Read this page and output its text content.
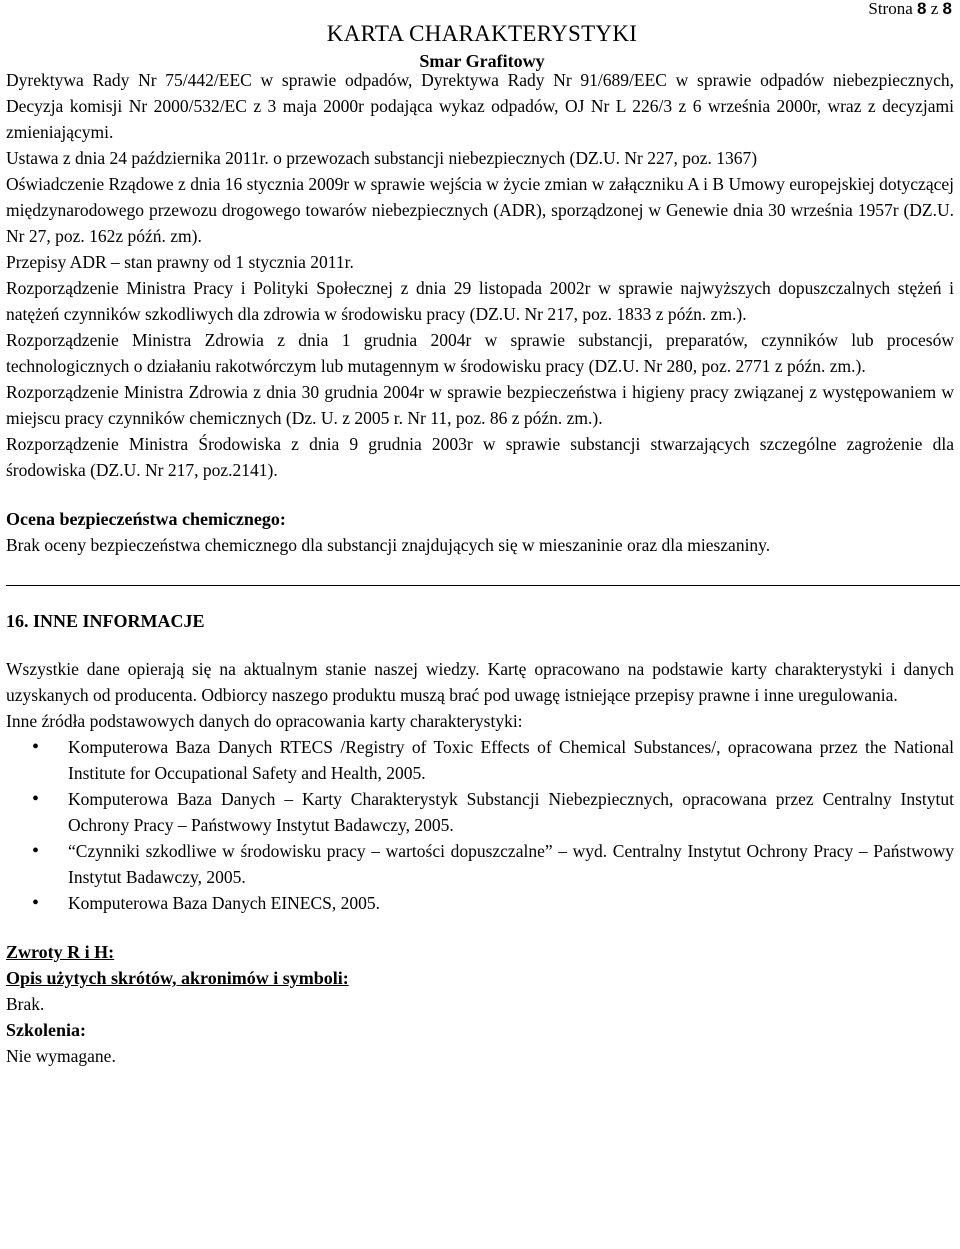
Strona 8 z 8
KARTA CHARAKTERYSTYKI
Smar Grafitowy

Dyrektywa Rady Nr 75/442/EEC w sprawie odpadów, Dyrektywa Rady Nr 91/689/EEC w sprawie odpadów niebezpiecznych, Decyzja komisji Nr 2000/532/EC z 3 maja 2000r podająca wykaz odpadów, OJ Nr L 226/3 z 6 września 2000r, wraz z decyzjami zmieniającymi.

Ustawa z dnia 24 października 2011r. o przewozach substancji niebezpiecznych (DZ.U. Nr 227, poz. 1367)

Oświadczenie Rządowe z dnia 16 stycznia 2009r w sprawie wejścia w życie zmian w załączniku A i B Umowy europejskiej dotyczącej międzynarodowego przewozu drogowego towarów niebezpiecznych (ADR), sporządzonej w Genewie dnia 30 września 1957r (DZ.U. Nr 27, poz. 162z późń. zm).

Przepisy ADR – stan prawny od 1 stycznia 2011r.

Rozporządzenie Ministra Pracy i Polityki Społecznej z dnia 29 listopada 2002r w sprawie najwyższych dopuszczalnych stężeń i natężeń czynników szkodliwych dla zdrowia w środowisku pracy (DZ.U. Nr 217, poz. 1833 z późn. zm.).

Rozporządzenie Ministra Zdrowia z dnia 1 grudnia 2004r w sprawie substancji, preparatów, czynników lub procesów technologicznych o działaniu rakotwórczym lub mutagennym w środowisku pracy (DZ.U. Nr 280, poz. 2771 z późn. zm.).

Rozporządzenie Ministra Zdrowia z dnia 30 grudnia 2004r w sprawie bezpieczeństwa i higieny pracy związanej z występowaniem w miejscu pracy czynników chemicznych (Dz. U. z 2005 r. Nr 11, poz. 86 z późn. zm.).

Rozporządzenie Ministra Środowiska z dnia 9 grudnia 2003r w sprawie substancji stwarzających szczególne zagrożenie dla środowiska (DZ.U. Nr 217, poz.2141).

Ocena bezpieczeństwa chemicznego:

Brak oceny bezpieczeństwa chemicznego dla substancji znajdujących się w mieszaninie oraz dla mieszaniny.

16. INNE INFORMACJE

Wszystkie dane opierają się na aktualnym stanie naszej wiedzy. Kartę opracowano na podstawie karty charakterystyki i danych uzyskanych od producenta. Odbiorcy naszego produktu muszą brać pod uwagę istniejące przepisy prawne i inne uregulowania.

Inne źródła podstawowych danych do opracowania karty charakterystyki:

• Komputerowa Baza Danych RTECS /Registry of Toxic Effects of Chemical Substances/, opracowana przez the National Institute for Occupational Safety and Health, 2005.
• Komputerowa Baza Danych – Karty Charakterystyk Substancji Niebezpiecznych, opracowana przez Centralny Instytut Ochrony Pracy – Państwowy Instytut Badawczy, 2005.
• “Czynniki szkodliwe w środowisku pracy – wartości dopuszczalne” – wyd. Centralny Instytut Ochrony Pracy – Państwowy Instytut Badawczy, 2005.
• Komputerowa Baza Danych EINECS, 2005.
Zwroty R i H:
Opis użytych skrótów, akronimów i symboli:

Brak.

Szkolenia:

Nie wymagane.
